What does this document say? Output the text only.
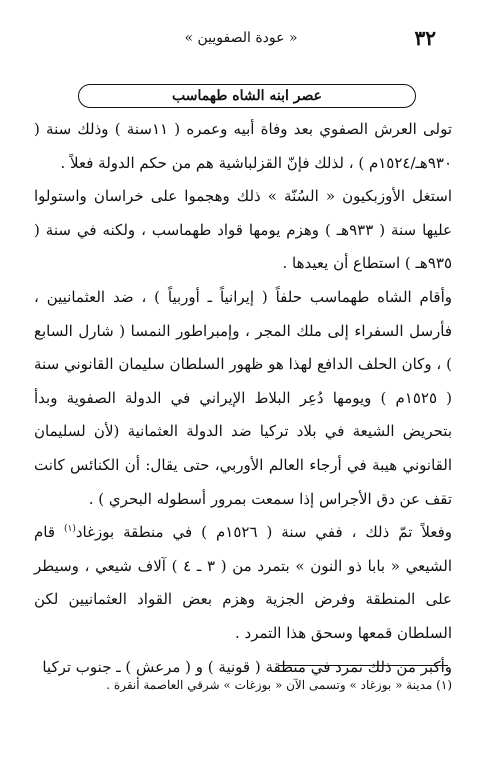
٣٢
« عودة الصفويين »
عصر ابنه الشاه طهماسب

تولى العرش الصفوي بعد وفاة أبيه وعمره ( ١١سنة ) وذلك سنة ( ٩٣٠هـ/١٥٢٤م ) ، لذلك فإنّ القزلباشية هم من حكم الدولة فعلاً .

استغل الأوزبكيون « السُنّة » ذلك وهجموا على خراسان واستولوا عليها سنة ( ٩٣٣هـ ) وهزم يومها قواد طهماسب ، ولكنه في سنة ( ٩٣٥هـ ) استطاع أن يعيدها .

وأقام الشاه طهماسب حلفاً ( إيرانياً ـ أوربياً ) ، ضد العثمانيين ، فأرسل السفراء إلى ملك المجر ، وإمبراطور النمسا ( شارل السابع ) ، وكان الحلف الدافع لهذا هو ظهور السلطان سليمان القانوني سنة ( ١٥٢٥م ) ويومها دُعِر البلاط الإيراني في الدولة الصفوية وبدأ بتحريض الشيعة في بلاد تركيا ضد الدولة العثمانية (لأن لسليمان القانوني هيبة في أرجاء العالم الأوربي، حتى يقال: أن الكنائس كانت تقف عن دق الأجراس إذا سمعت بمرور أسطوله البحري ) .

وفعلاً تمّ ذلك ، ففي سنة ( ١٥٢٦م ) في منطقة بوزغاد$^{(١)}$ قام الشيعي « بابا ذو النون » بتمرد من ( ٣ ـ ٤ ) آلاف شيعي ، وسيطر على المنطقة وفرض الجزية وهزم بعض القواد العثمانيين لكن السلطان قمعها وسحق هذا التمرد .

وأكبر من ذلك تمرد في منطقة ( قونية ) و ( مرعش ) ـ جنوب تركيا

(١) مدينة « بوزغاد » وتسمى الآن « بوزغات » شرقي العاصمة أنقرة .
